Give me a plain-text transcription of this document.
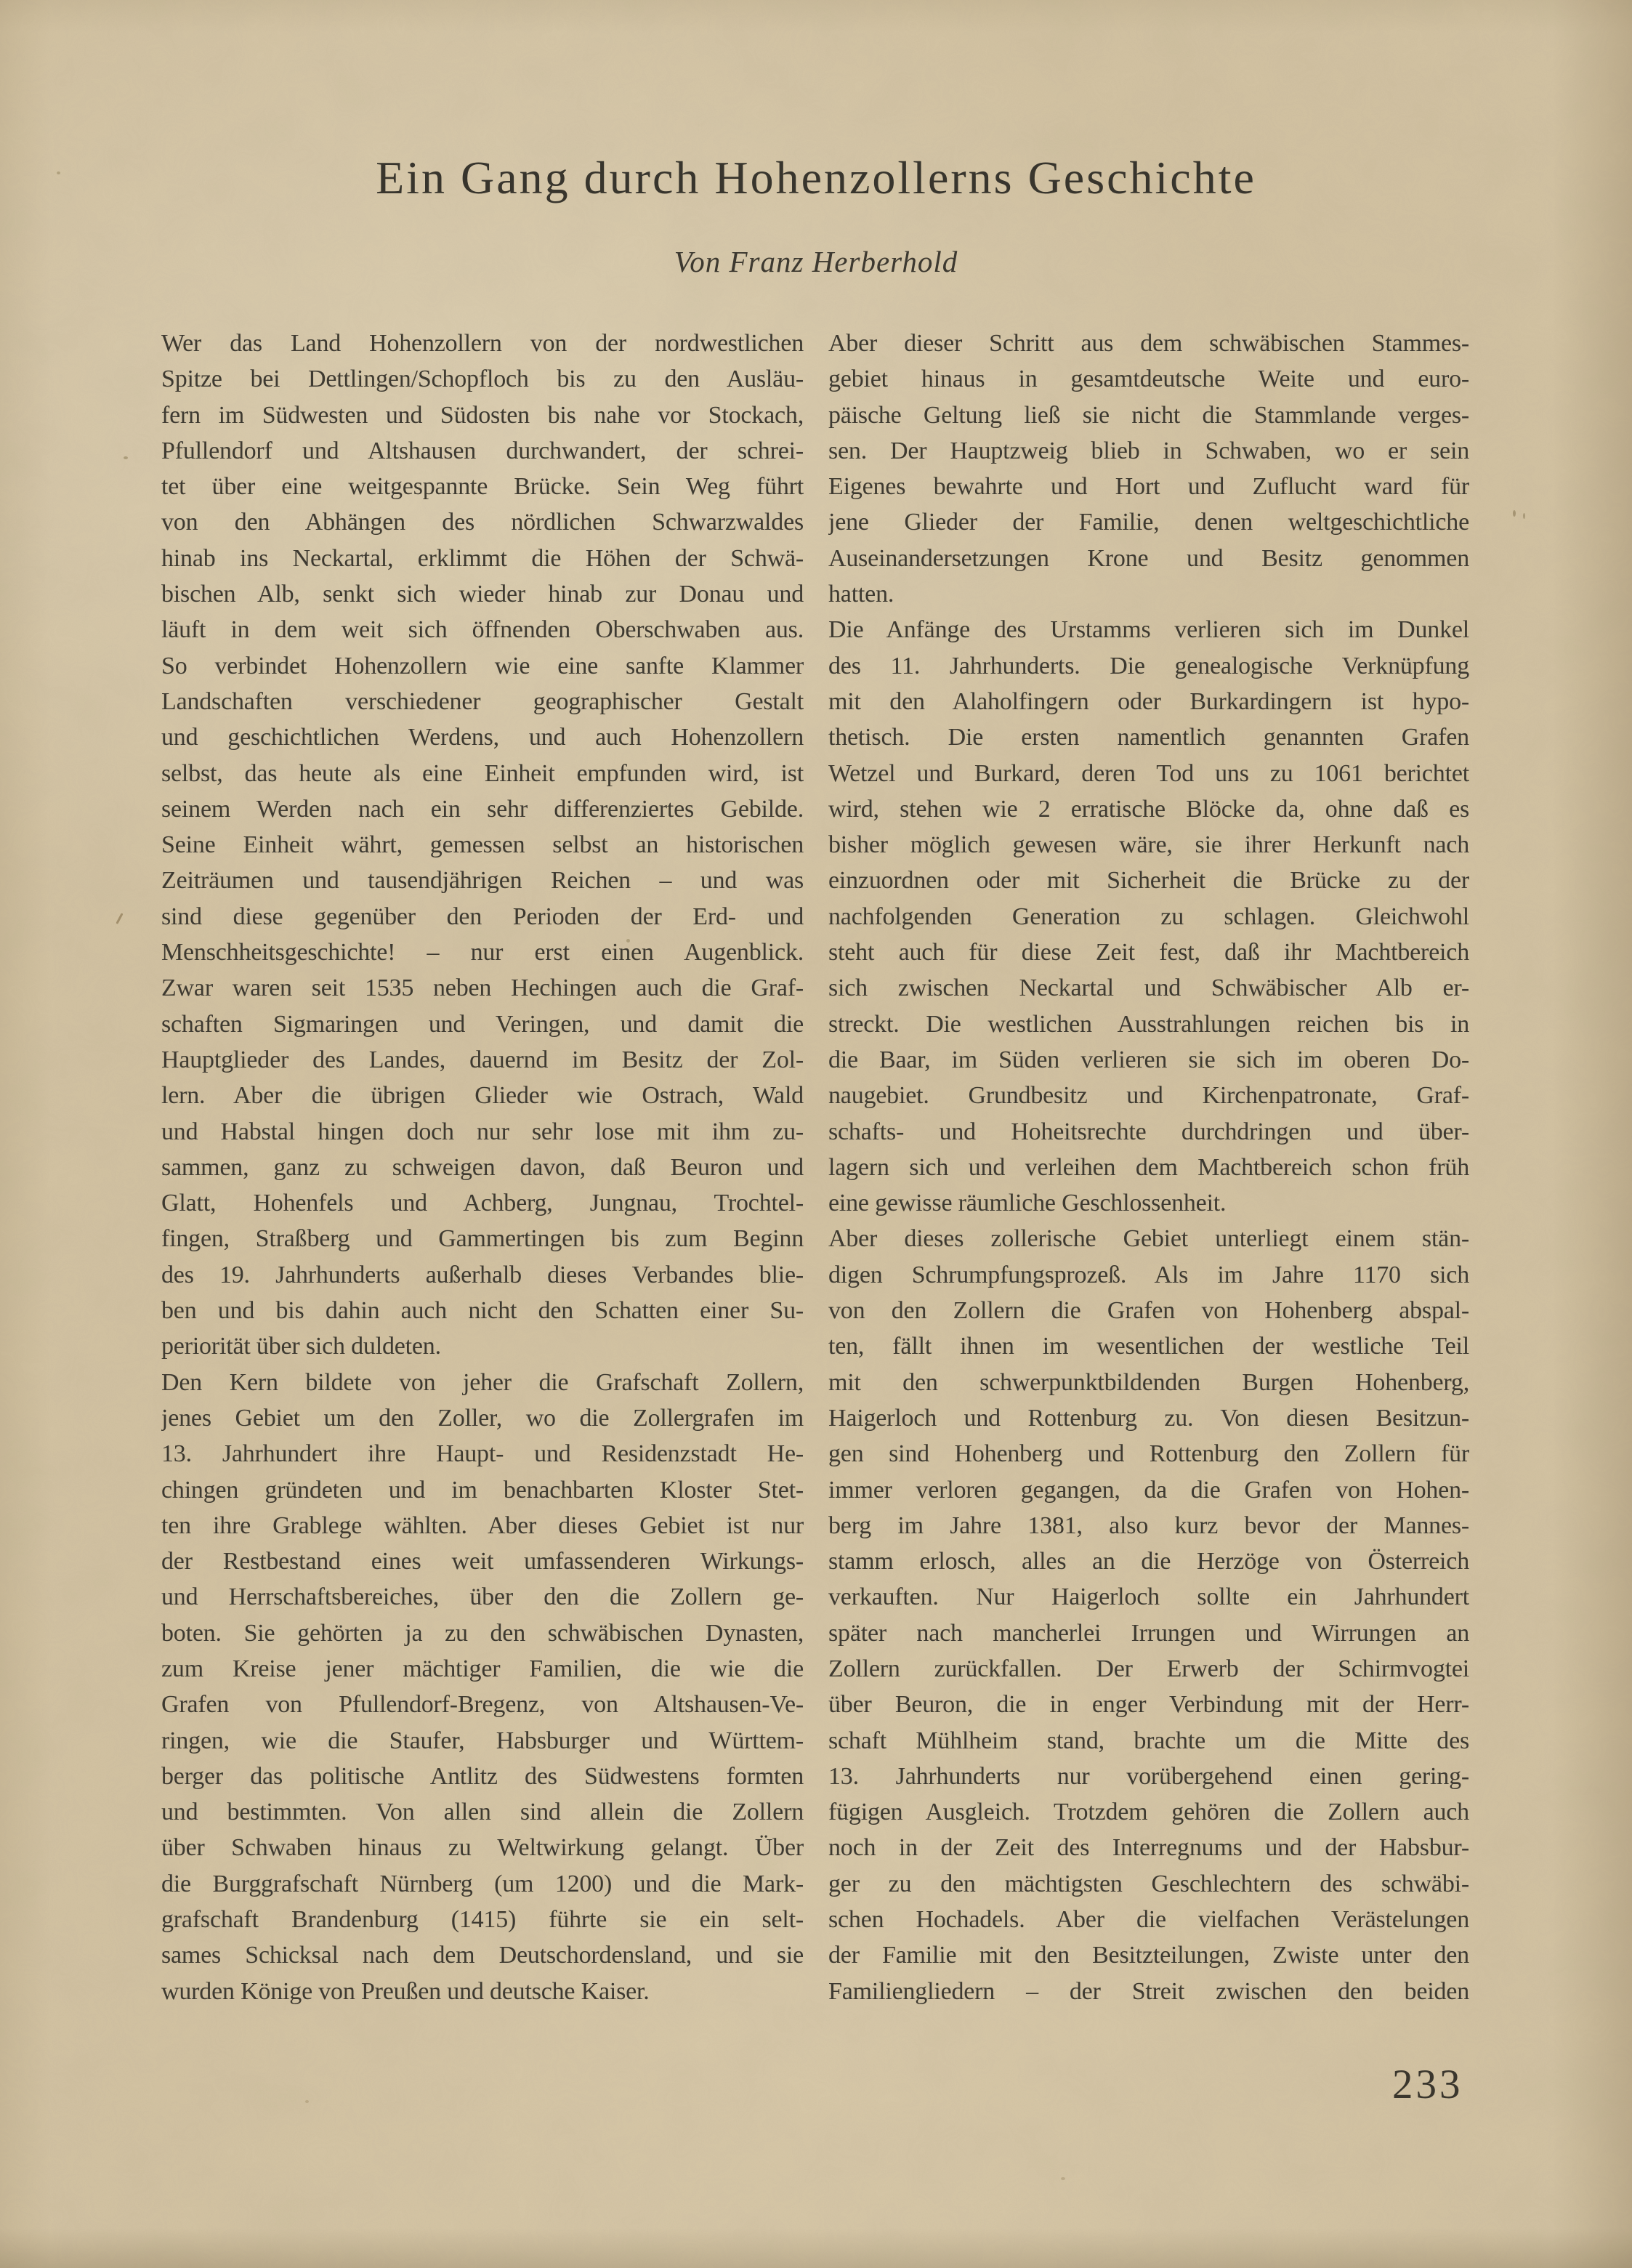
Ein Gang durch Hohenzollerns Geschichte
Von Franz Herberhold
Wer das Land Hohenzollern von der nordwestlichen
Spitze bei Dettlingen/Schopfloch bis zu den Ausläu-
fern im Südwesten und Südosten bis nahe vor Stockach,
Pfullendorf und Altshausen durchwandert, der schrei-
tet über eine weitgespannte Brücke. Sein Weg führt
von den Abhängen des nördlichen Schwarzwaldes
hinab ins Neckartal, erklimmt die Höhen der Schwä-
bischen Alb, senkt sich wieder hinab zur Donau und
läuft in dem weit sich öffnenden Oberschwaben aus.
So verbindet Hohenzollern wie eine sanfte Klammer
Landschaften verschiedener geographischer Gestalt
und geschichtlichen Werdens, und auch Hohenzollern
selbst, das heute als eine Einheit empfunden wird, ist
seinem Werden nach ein sehr differenziertes Gebilde.
Seine Einheit währt, gemessen selbst an historischen
Zeiträumen und tausendjährigen Reichen – und was
sind diese gegenüber den Perioden der Erd- und
Menschheitsgeschichte! – nur erst einen Augenblick.
Zwar waren seit 1535 neben Hechingen auch die Graf-
schaften Sigmaringen und Veringen, und damit die
Hauptglieder des Landes, dauernd im Besitz der Zol-
lern. Aber die übrigen Glieder wie Ostrach, Wald
und Habstal hingen doch nur sehr lose mit ihm zu-
sammen, ganz zu schweigen davon, daß Beuron und
Glatt, Hohenfels und Achberg, Jungnau, Trochtel-
fingen, Straßberg und Gammertingen bis zum Beginn
des 19. Jahrhunderts außerhalb dieses Verbandes blie-
ben und bis dahin auch nicht den Schatten einer Su-
periorität über sich duldeten.
Den Kern bildete von jeher die Grafschaft Zollern,
jenes Gebiet um den Zoller, wo die Zollergrafen im
13. Jahrhundert ihre Haupt- und Residenzstadt He-
chingen gründeten und im benachbarten Kloster Stet-
ten ihre Grablege wählten. Aber dieses Gebiet ist nur
der Restbestand eines weit umfassenderen Wirkungs-
und Herrschaftsbereiches, über den die Zollern ge-
boten. Sie gehörten ja zu den schwäbischen Dynasten,
zum Kreise jener mächtiger Familien, die wie die
Grafen von Pfullendorf-Bregenz, von Altshausen-Ve-
ringen, wie die Staufer, Habsburger und Württem-
berger das politische Antlitz des Südwestens formten
und bestimmten. Von allen sind allein die Zollern
über Schwaben hinaus zu Weltwirkung gelangt. Über
die Burggrafschaft Nürnberg (um 1200) und die Mark-
grafschaft Brandenburg (1415) führte sie ein selt-
sames Schicksal nach dem Deutschordensland, und sie
wurden Könige von Preußen und deutsche Kaiser.
Aber dieser Schritt aus dem schwäbischen Stammes-
gebiet hinaus in gesamtdeutsche Weite und euro-
päische Geltung ließ sie nicht die Stammlande verges-
sen. Der Hauptzweig blieb in Schwaben, wo er sein
Eigenes bewahrte und Hort und Zuflucht ward für
jene Glieder der Familie, denen weltgeschichtliche
Auseinandersetzungen Krone und Besitz genommen
hatten.
Die Anfänge des Urstamms verlieren sich im Dunkel
des 11. Jahrhunderts. Die genealogische Verknüpfung
mit den Alaholfingern oder Burkardingern ist hypo-
thetisch. Die ersten namentlich genannten Grafen
Wetzel und Burkard, deren Tod uns zu 1061 berichtet
wird, stehen wie 2 erratische Blöcke da, ohne daß es
bisher möglich gewesen wäre, sie ihrer Herkunft nach
einzuordnen oder mit Sicherheit die Brücke zu der
nachfolgenden Generation zu schlagen. Gleichwohl
steht auch für diese Zeit fest, daß ihr Machtbereich
sich zwischen Neckartal und Schwäbischer Alb er-
streckt. Die westlichen Ausstrahlungen reichen bis in
die Baar, im Süden verlieren sie sich im oberen Do-
naugebiet. Grundbesitz und Kirchenpatronate, Graf-
schafts- und Hoheitsrechte durchdringen und über-
lagern sich und verleihen dem Machtbereich schon früh
eine gewisse räumliche Geschlossenheit.
Aber dieses zollerische Gebiet unterliegt einem stän-
digen Schrumpfungsprozeß. Als im Jahre 1170 sich
von den Zollern die Grafen von Hohenberg abspal-
ten, fällt ihnen im wesentlichen der westliche Teil
mit den schwerpunktbildenden Burgen Hohenberg,
Haigerloch und Rottenburg zu. Von diesen Besitzun-
gen sind Hohenberg und Rottenburg den Zollern für
immer verloren gegangen, da die Grafen von Hohen-
berg im Jahre 1381, also kurz bevor der Mannes-
stamm erlosch, alles an die Herzöge von Österreich
verkauften. Nur Haigerloch sollte ein Jahrhundert
später nach mancherlei Irrungen und Wirrungen an
Zollern zurückfallen. Der Erwerb der Schirmvogtei
über Beuron, die in enger Verbindung mit der Herr-
schaft Mühlheim stand, brachte um die Mitte des
13. Jahrhunderts nur vorübergehend einen gering-
fügigen Ausgleich. Trotzdem gehören die Zollern auch
noch in der Zeit des Interregnums und der Habsbur-
ger zu den mächtigsten Geschlechtern des schwäbi-
schen Hochadels. Aber die vielfachen Verästelungen
der Familie mit den Besitzteilungen, Zwiste unter den
Familiengliedern – der Streit zwischen den beiden
233
